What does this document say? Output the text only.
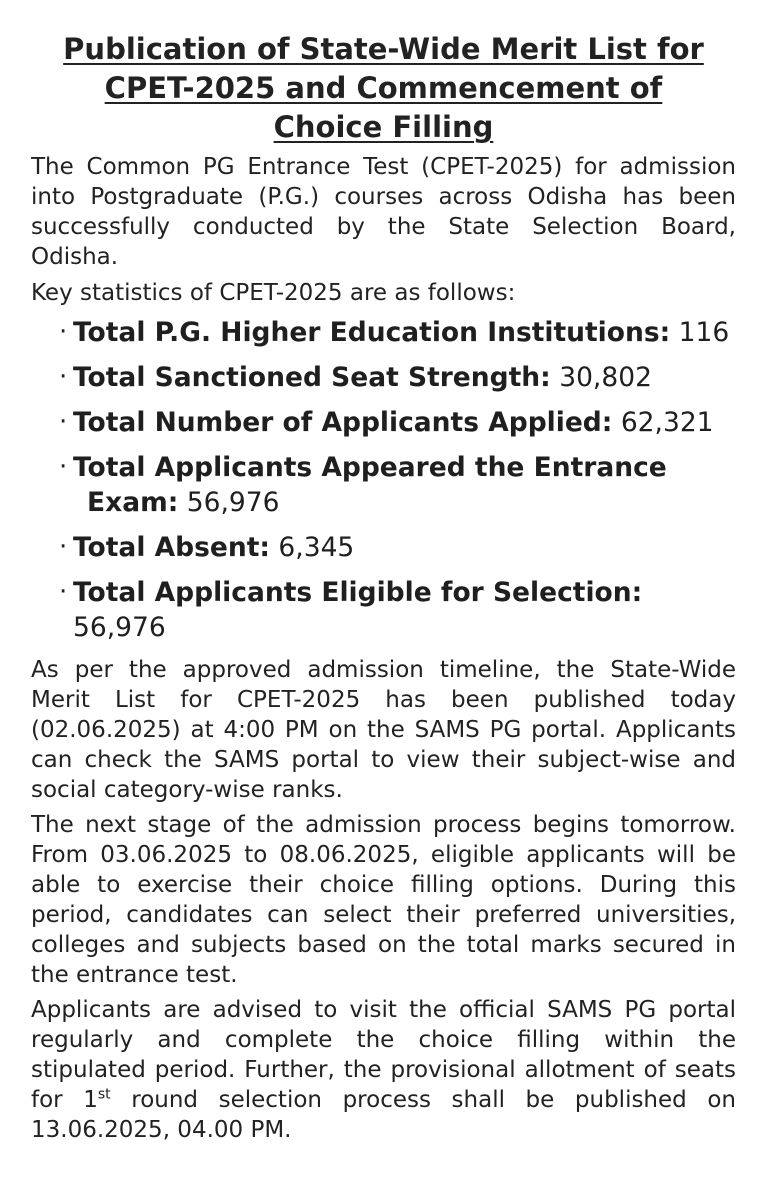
Publication of State-Wide Merit List for
CPET-2025 and Commencement of
Choice Filling

The Common PG Entrance Test (CPET-2025) for admission into Postgraduate (P.G.) courses across Odisha has been successfully conducted by the State Selection Board, Odisha.

Key statistics of CPET-2025 are as follows:

· Total P.G. Higher Education Institutions: 116
· Total Sanctioned Seat Strength: 30,802
· Total Number of Applicants Applied: 62,321
· Total Applicants Appeared the Entrance
Exam: 56,976
· Total Absent: 6,345
· Total Applicants Eligible for Selection: 56,976

As per the approved admission timeline, the State-Wide Merit List for CPET-2025 has been published today (02.06.2025) at 4:00 PM on the SAMS PG portal. Applicants can check the SAMS portal to view their subject-wise and social category-wise ranks.

The next stage of the admission process begins tomorrow. From 03.06.2025 to 08.06.2025, eligible applicants will be able to exercise their choice filling options. During this period, candidates can select their preferred universities, colleges and subjects based on the total marks secured in the entrance test.

Applicants are advised to visit the official SAMS PG portal regularly and complete the choice filling within the stipulated period. Further, the provisional allotment of seats for 1st round selection process shall be published on 13.06.2025, 04.00 PM.
